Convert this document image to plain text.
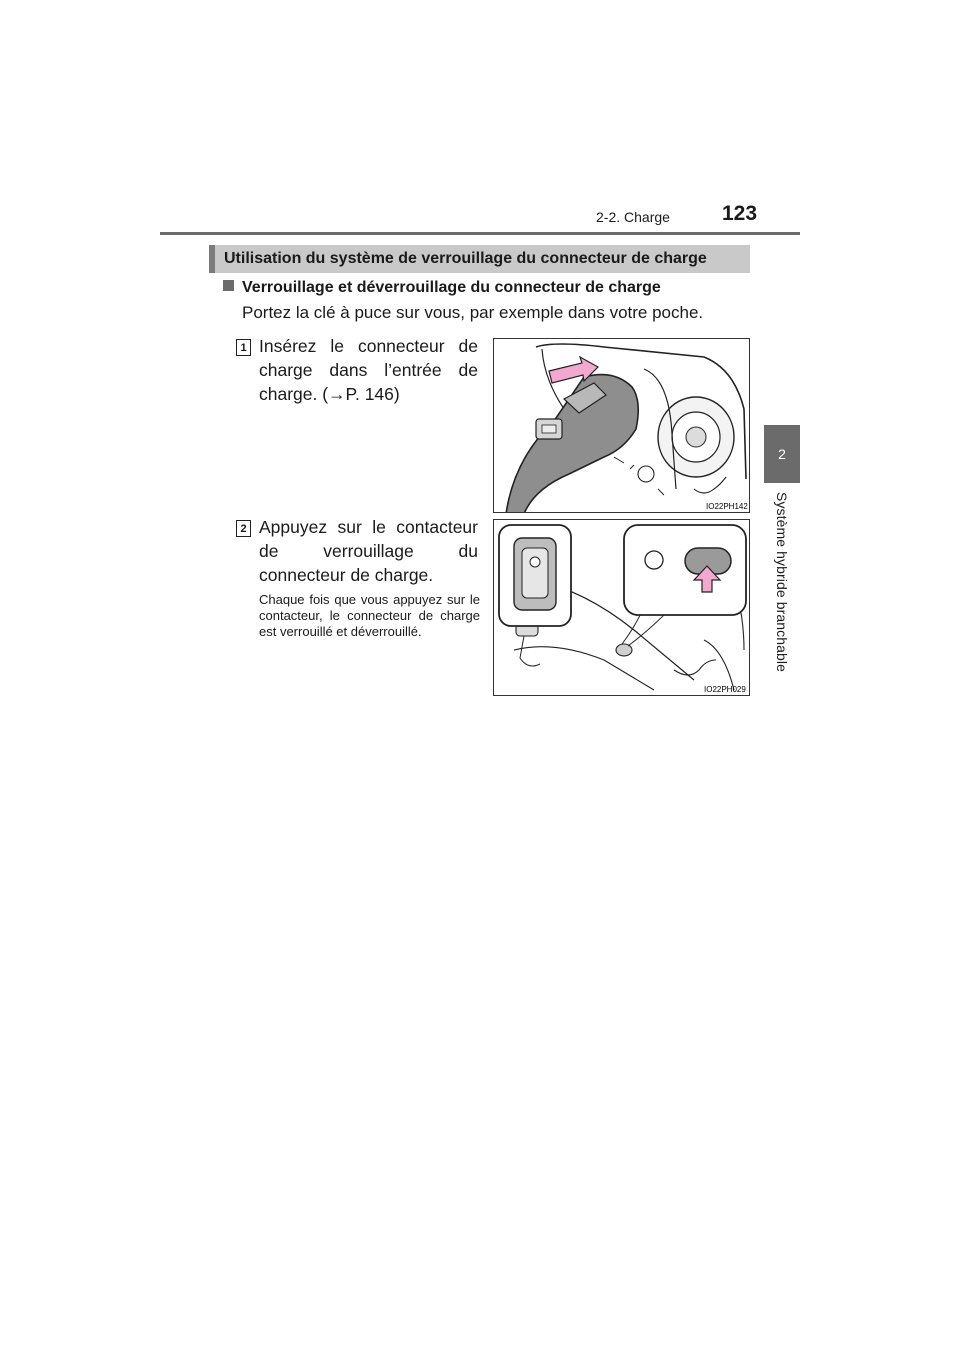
2-2. Charge 123
2
Système hybride branchable
Utilisation du système de verrouillage du connecteur de charge
Verrouillage et déverrouillage du connecteur de charge
Portez la clé à puce sur vous, par exemple dans votre poche.
1 Insérez le connecteur de charge dans l’entrée de charge. (→P. 146)
IO22PH142
2 Appuyez sur le contacteur de verrouillage du connecteur de charge.
Chaque fois que vous appuyez sur le contacteur, le connecteur de charge est verrouillé et déverrouillé.
IO22PH029
